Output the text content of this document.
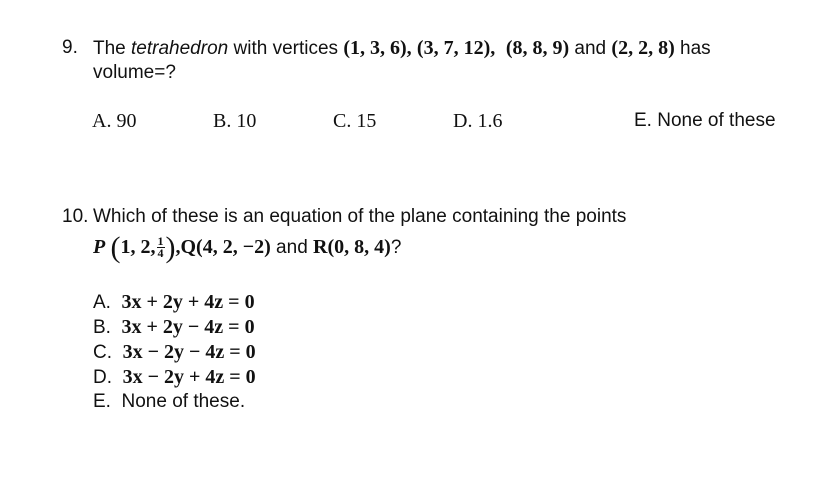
9. The tetrahedron with vertices (1, 3, 6), (3, 7, 12), (8, 8, 9) and (2, 2, 8) has
volume=?
A. 90	B. 10	C. 15	D. 1.6	E. None of these
10. Which of these is an equation of the plane containing the points
P (1, 2, $\frac{1}{4} ),Q(4$, 2, −2) and R(0, 8, 4)?
A. 3x + 2y + 4z = 0
B. 3x + 2y − 4z = 0
C. 3x − 2y − 4z = 0
D. 3x − 2y + 4z = 0
E. None of these.
